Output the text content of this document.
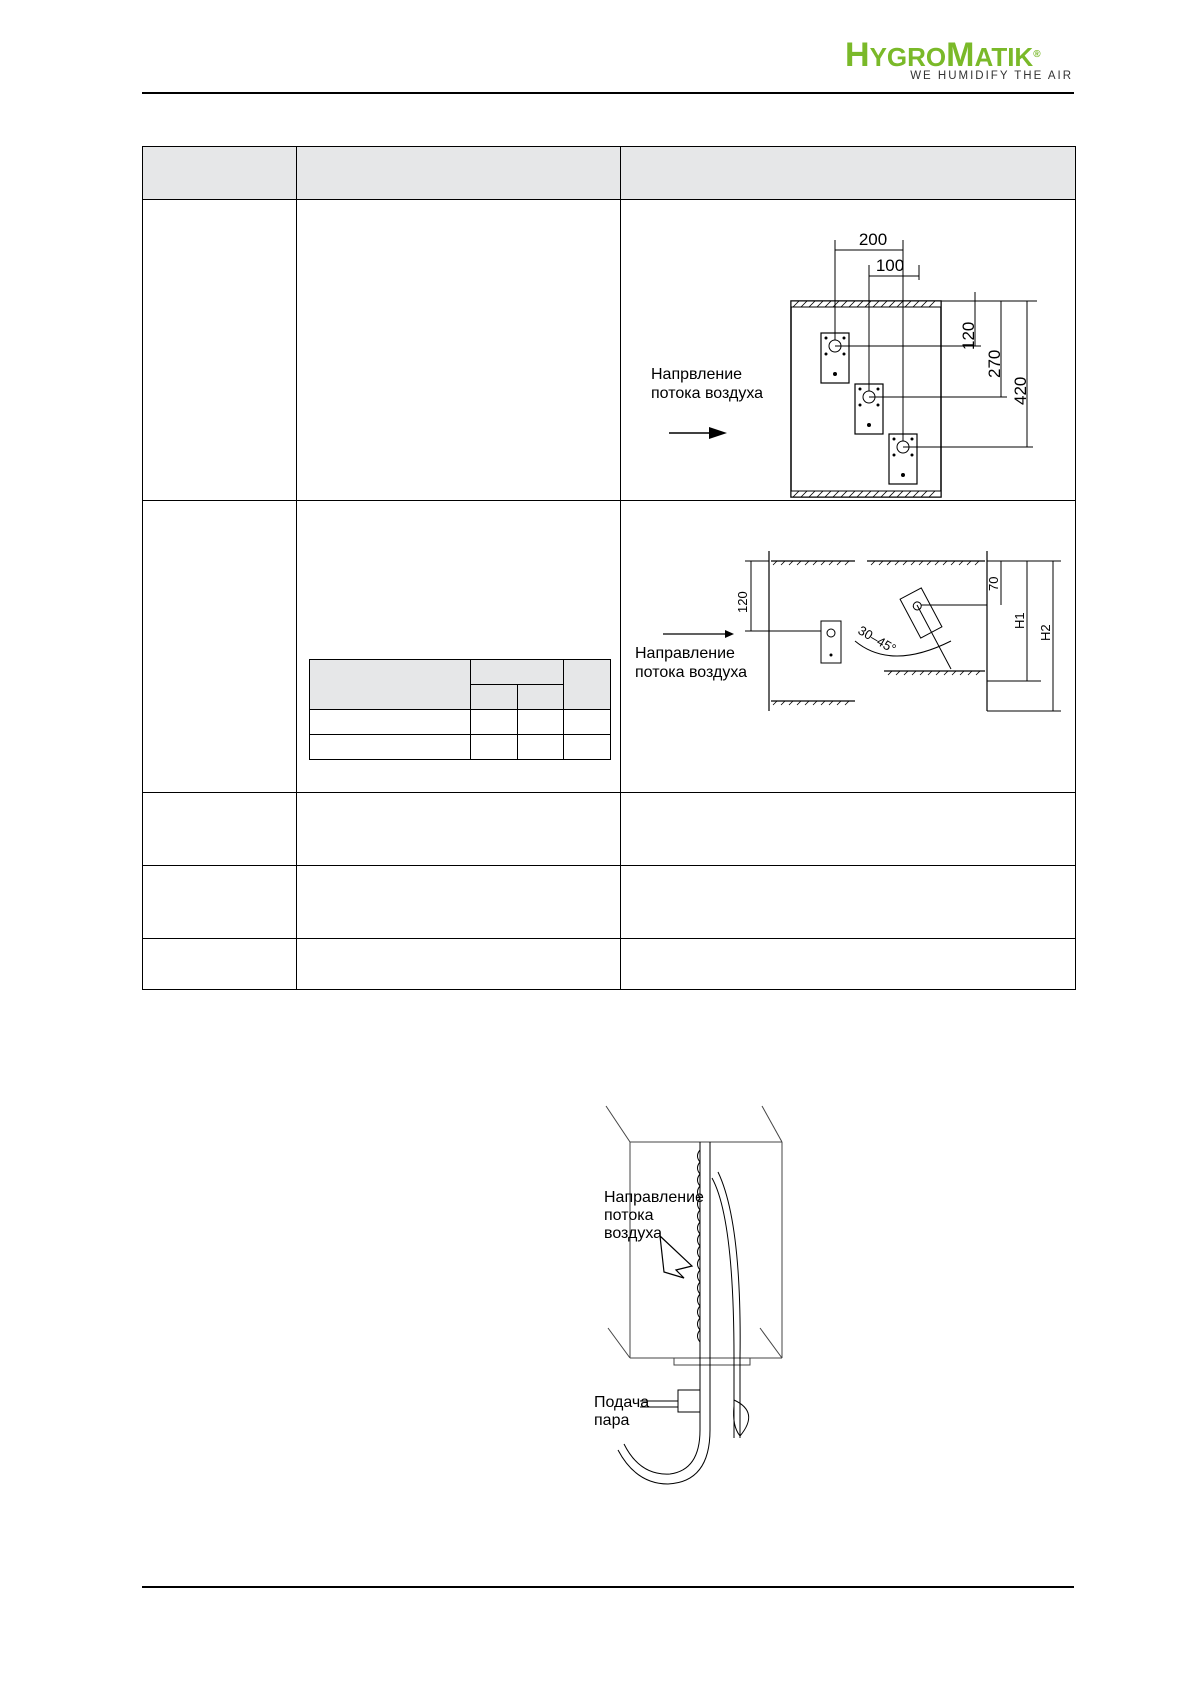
HYGROMATIK®
WE HUMIDIFY THE AIR

200
100
120
270
420
Напрвление
потока воздуха

30–45°
120
70
H1
H2
Направление
потока воздуха

Направление
потока
воздуха
Подача
пара
